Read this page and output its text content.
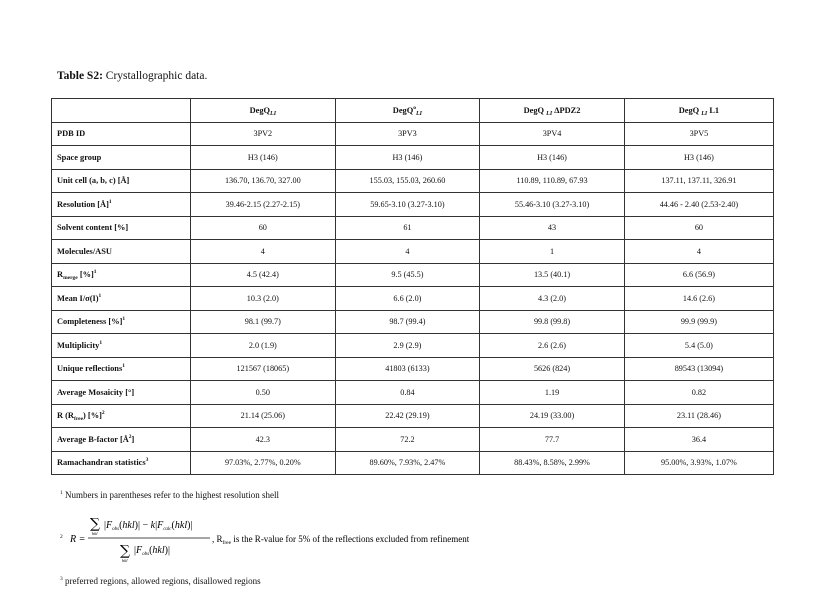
Table S2: Crystallographic data.
	DegQ$_{LI}$	DegQ$^o_{LI}$	DegQ $_{LI}$ ΔPDZ2	DegQ $_{LI}$ L1
PDB ID	3PV2	3PV3	3PV4	3PV5
Space group	H3 (146)	H3 (146)	H3 (146)	H3 (146)
Unit cell (a, b, c) [Å]	136.70, 136.70, 327.00	155.03, 155.03, 260.60	110.89, 110.89, 67.93	137.11, 137.11, 326.91
Resolution [Å]$^1$	39.46-2.15 (2.27-2.15)	59.65-3.10 (3.27-3.10)	55.46-3.10 (3.27-3.10)	44.46 - 2.40 (2.53-2.40)
Solvent content [%]	60	61	43	60
Molecules/ASU	4	4	1	4
$R_{merge}$ [%]$^1$	4.5 (42.4)	9.5 (45.5)	13.5 (40.1)	6.6 (56.9)
Mean $I/\sigma(I)^1$	10.3 (2.0)	6.6 (2.0)	4.3 (2.0)	14.6 (2.6)
Completeness [%]$^1$	98.1 (99.7)	98.7 (99.4)	99.8 (99.8)	99.9 (99.9)
Multiplicity$^1$	2.0 (1.9)	2.9 (2.9)	2.6 (2.6)	5.4 (5.0)
Unique reflections$^1$	121567 (18065)	41803 (6133)	5626 (824)	89543 (13094)
Average Mosaicity [°]	0.50	0.84	1.19	0.82
R $(R_{free})$ [%]$^2$	21.14 (25.06)	22.42 (29.19)	24.19 (33.00)	23.11 (28.46)
Average B-factor $[Å^2]$	42.3	72.2	77.7	36.4
Ramachandran statistics$^3$	97.03%, 2.77%, 0.20%	89.60%, 7.93%, 2.47%	88.43%, 8.58%, 2.99%	95.00%, 3.93%, 1.07%
$^1$ Numbers in parentheses refer to the highest resolution shell
2 R =
∑
hkl
$|F_{obs}(hkl)| - k|F_{calc}(hkl)|$
∑
hkl
$|F_{obs}(hkl)|$
, $R_{free}$ is the R-value for 5% of the reflections excluded from refinement
$^3$ preferred regions, allowed regions, disallowed regions
